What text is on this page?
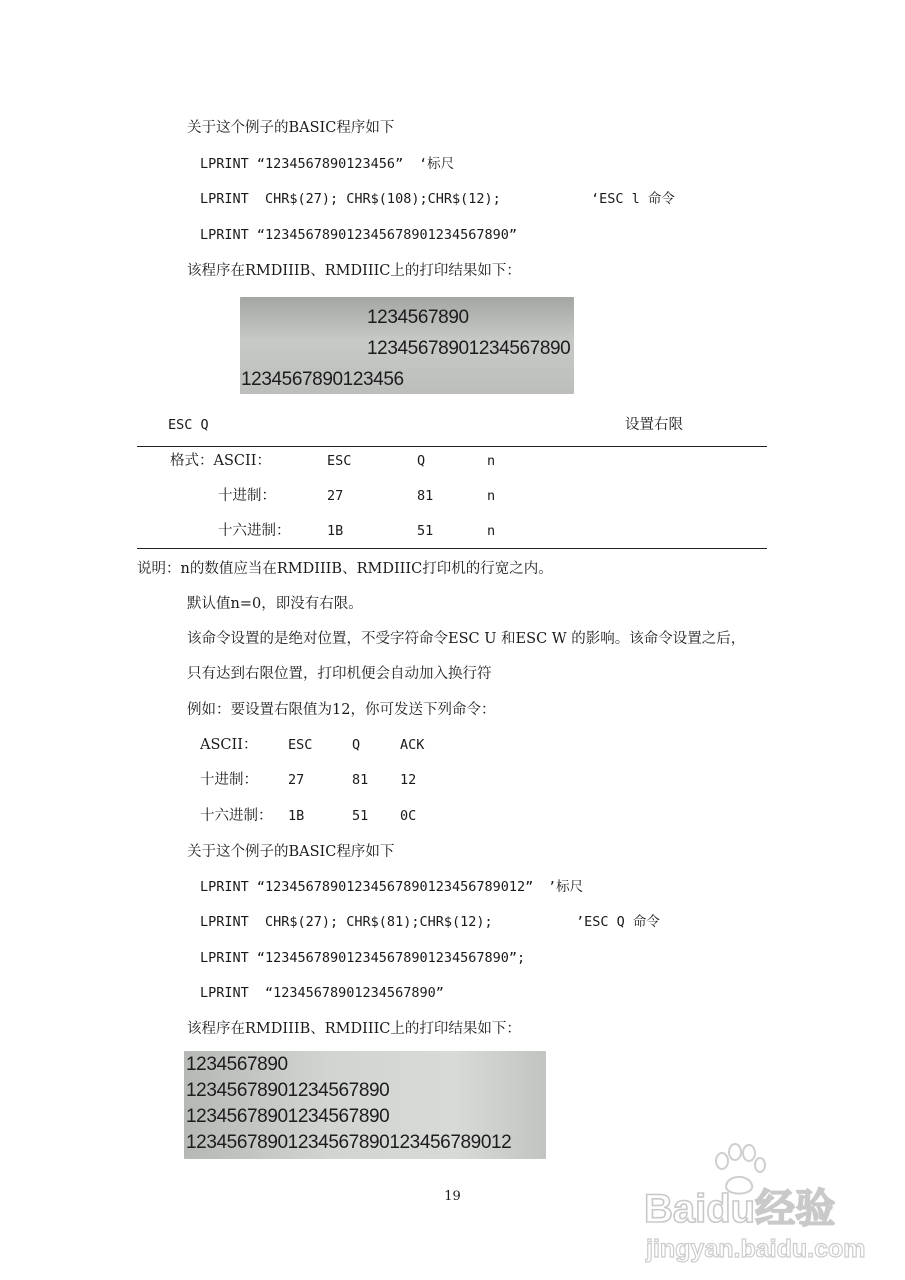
关于这个例子的BASIC程序如下
LPRINT “1234567890123456” ‘标尺
LPRINT  CHR$(27); CHR$(108);CHR$(12);	‘ESC l 命令
LPRINT “123456789012345678901234567890”
该程序在RMDIIIB、RMDIIIC上的打印结果如下：
1234567890
12345678901234567890
1234567890123456
ESC Q	设置右限
格式：ASCII：	ESC	Q	n
十进制：	27	81	n
十六进制：	1B	51	n
说明：n的数值应当在RMDIIIB、RMDIIIC打印机的行宽之内。
默认值n=0，即没有右限。
该命令设置的是绝对位置，不受字符命令ESC U 和ESC W 的影响。该命令设置之后，
只有达到右限位置，打印机便会自动加入换行符
例如：要设置右限值为12，你可发送下列命令：
ASCII： ESC	Q	ACK
十进制： 27	81 12
十六进制： 1B	51 0C
关于这个例子的BASIC程序如下
LPRINT “12345678901234567890123456789012” ’标尺
LPRINT  CHR$(27); CHR$(81);CHR$(12);	’ESC Q 命令
LPRINT “123456789012345678901234567890”;
LPRINT  “12345678901234567890”
该程序在RMDIIIB、RMDIIIC上的打印结果如下：
1234567890
12345678901234567890
12345678901234567890
12345678901234567890123456789012
19	Baidu经验
jingyan.baidu.com
